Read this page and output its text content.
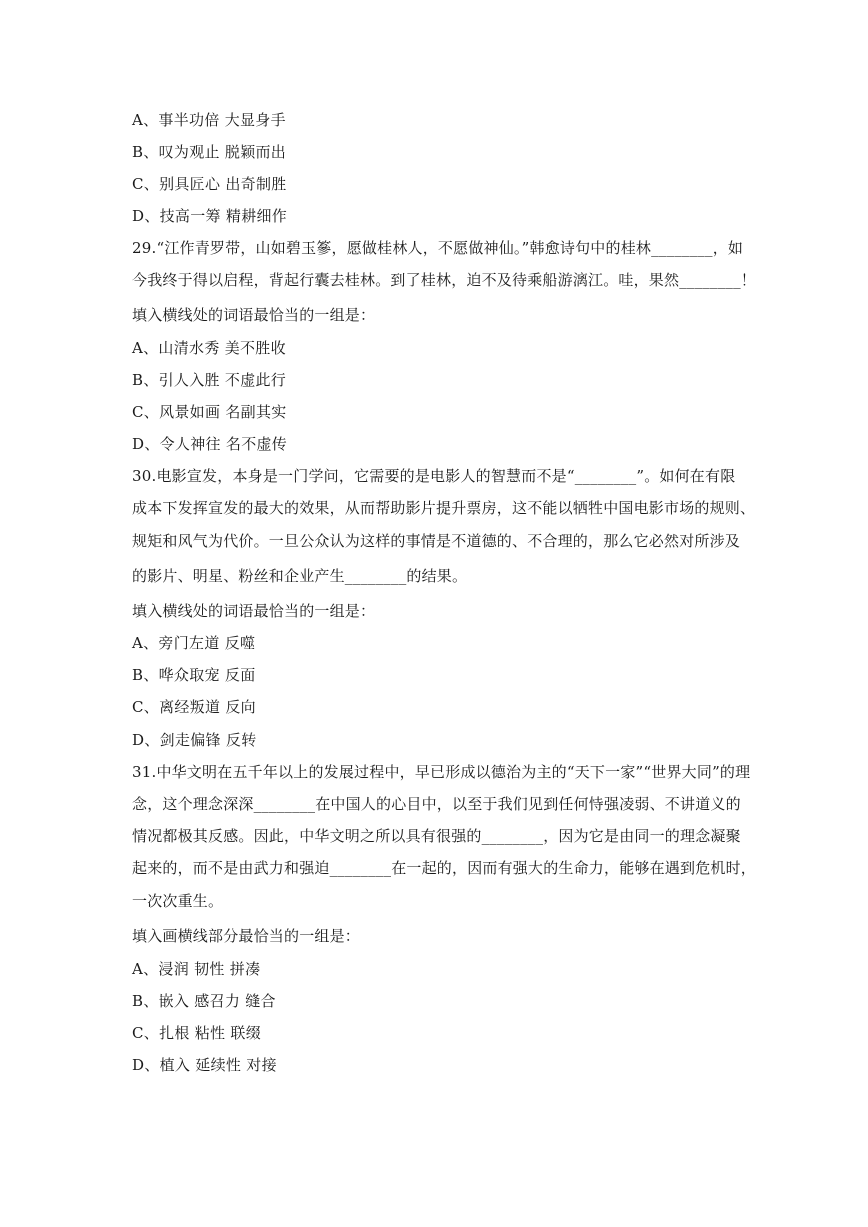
A、事半功倍 大显身手
B、叹为观止 脱颖而出
C、别具匠心 出奇制胜
D、技高一筹 精耕细作
29.“江作青罗带，山如碧玉篸，愿做桂林人，不愿做神仙。”韩愈诗句中的桂林________，如
今我终于得以启程，背起行囊去桂林。到了桂林，迫不及待乘船游漓江。哇，果然________！
填入横线处的词语最恰当的一组是：
A、山清水秀 美不胜收
B、引人入胜 不虚此行
C、风景如画 名副其实
D、令人神往 名不虚传
30.电影宣发，本身是一门学问，它需要的是电影人的智慧而不是“________”。如何在有限
成本下发挥宣发的最大的效果，从而帮助影片提升票房，这不能以牺牲中国电影市场的规则、
规矩和风气为代价。一旦公众认为这样的事情是不道德的、不合理的，那么它必然对所涉及
的影片、明星、粉丝和企业产生________的结果。
填入横线处的词语最恰当的一组是：
A、旁门左道 反噬
B、哗众取宠 反面
C、离经叛道 反向
D、剑走偏锋 反转
31.中华文明在五千年以上的发展过程中，早已形成以德治为主的“天下一家”“世界大同”的理
念，这个理念深深________在中国人的心目中，以至于我们见到任何恃强凌弱、不讲道义的
情况都极其反感。因此，中华文明之所以具有很强的________，因为它是由同一的理念凝聚
起来的，而不是由武力和强迫________在一起的，因而有强大的生命力，能够在遇到危机时，
一次次重生。
填入画横线部分最恰当的一组是：
A、浸润 韧性 拼凑
B、嵌入 感召力 缝合
C、扎根 粘性 联缀
D、植入 延续性 对接
